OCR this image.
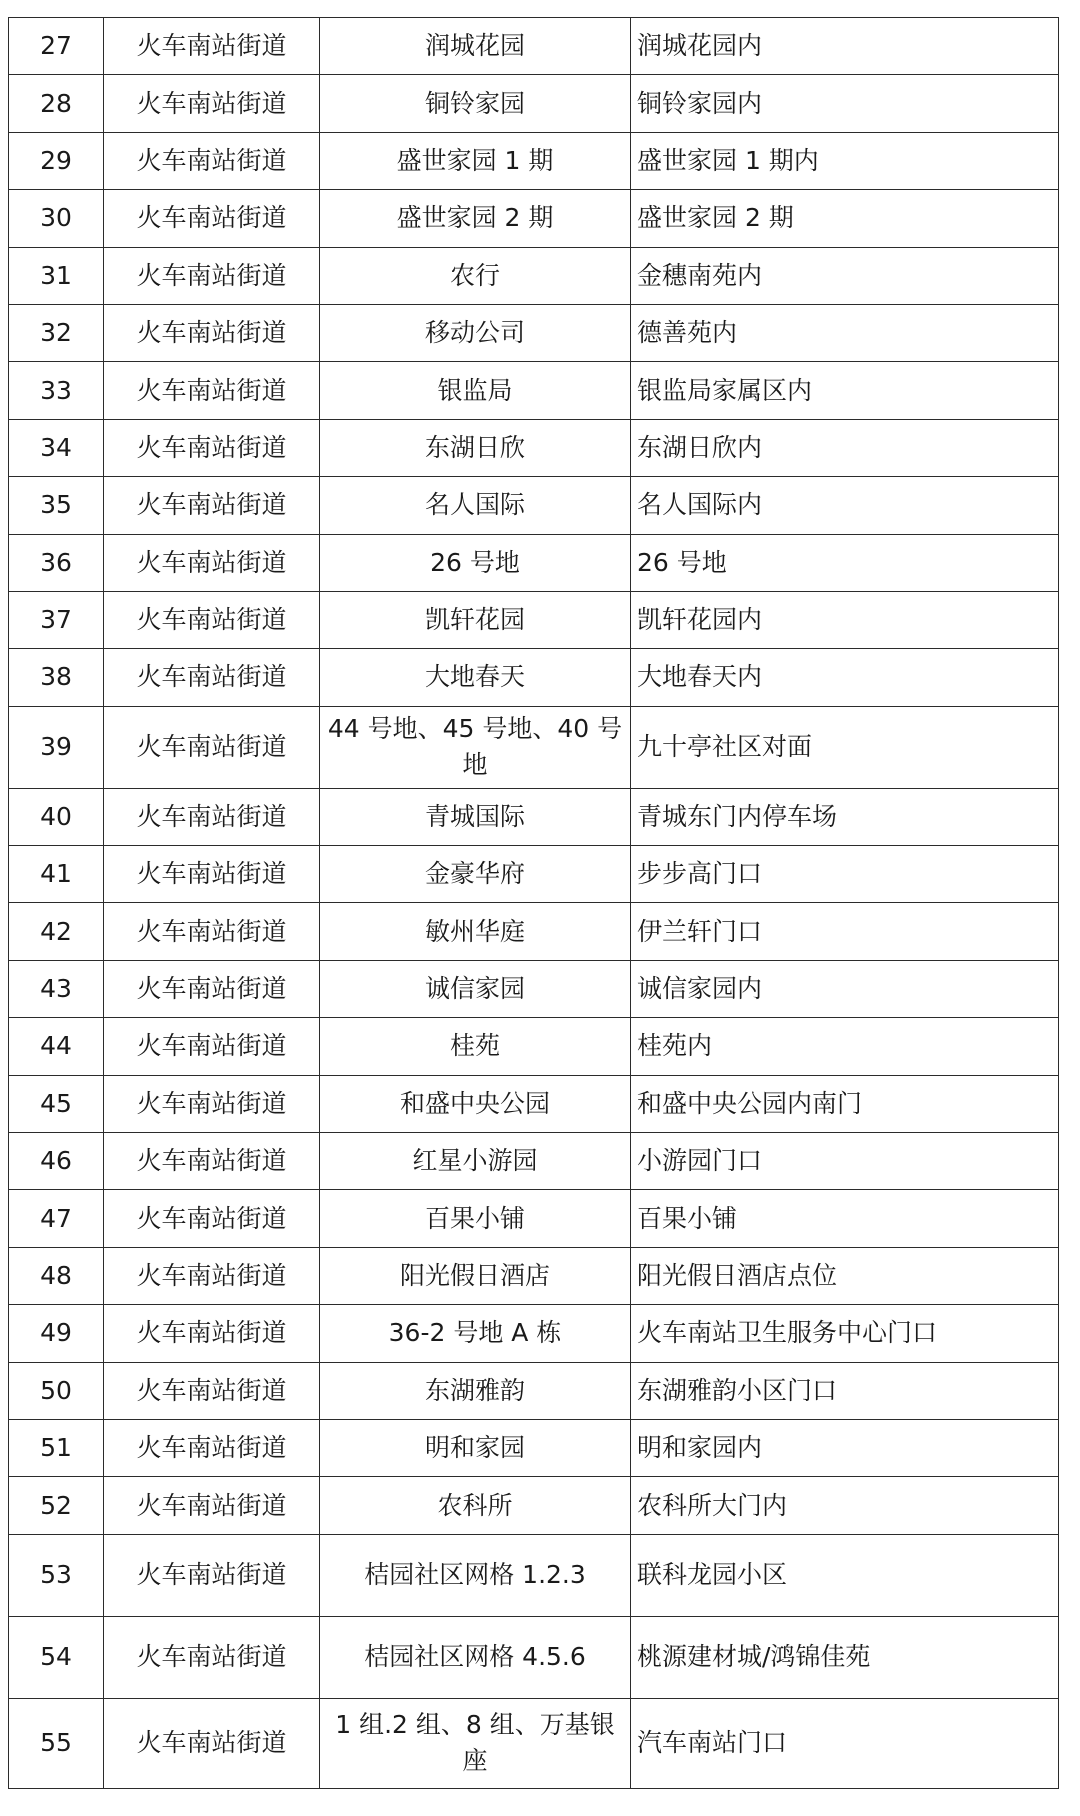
27	火车南站街道	润城花园	润城花园内
28	火车南站街道	铜铃家园	铜铃家园内
29	火车南站街道	盛世家园 1 期	盛世家园 1 期内
30	火车南站街道	盛世家园 2 期	盛世家园 2 期
31	火车南站街道	农行	金穗南苑内
32	火车南站街道	移动公司	德善苑内
33	火车南站街道	银监局	银监局家属区内
34	火车南站街道	东湖日欣	东湖日欣内
35	火车南站街道	名人国际	名人国际内
36	火车南站街道	26 号地	26 号地
37	火车南站街道	凯轩花园	凯轩花园内
38	火车南站街道	大地春天	大地春天内
39	火车南站街道	44 号地、45 号地、40 号地	九十亭社区对面
40	火车南站街道	青城国际	青城东门内停车场
41	火车南站街道	金豪华府	步步高门口
42	火车南站街道	敏州华庭	伊兰轩门口
43	火车南站街道	诚信家园	诚信家园内
44	火车南站街道	桂苑	桂苑内
45	火车南站街道	和盛中央公园	和盛中央公园内南门
46	火车南站街道	红星小游园	小游园门口
47	火车南站街道	百果小铺	百果小铺
48	火车南站街道	阳光假日酒店	阳光假日酒店点位
49	火车南站街道	36-2 号地 A 栋	火车南站卫生服务中心门口
50	火车南站街道	东湖雅韵	东湖雅韵小区门口
51	火车南站街道	明和家园	明和家园内
52	火车南站街道	农科所	农科所大门内
53	火车南站街道	桔园社区网格 1.2.3	联科龙园小区
54	火车南站街道	桔园社区网格 4.5.6	桃源建材城/鸿锦佳苑
55	火车南站街道	1 组.2 组、8 组、万基银座	汽车南站门口
